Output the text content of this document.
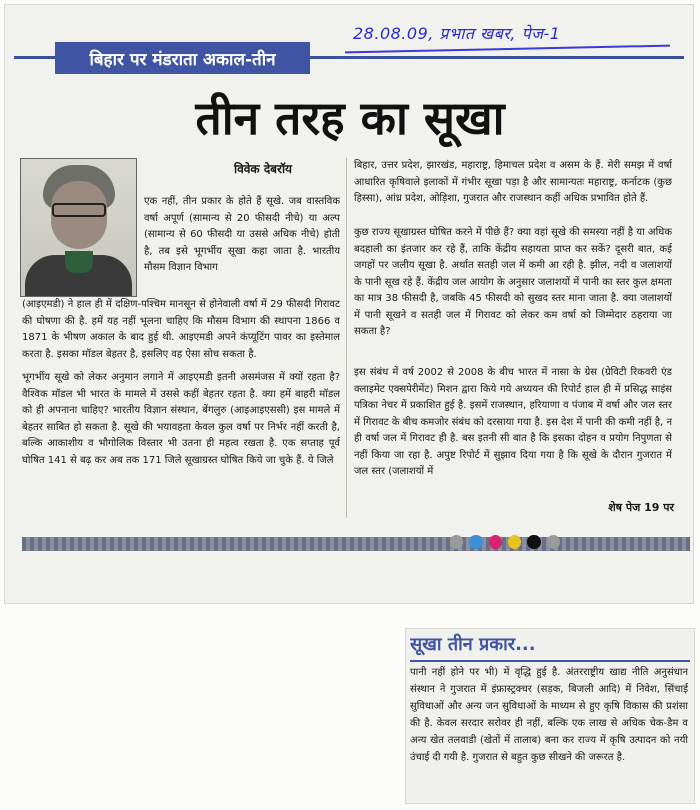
28.08.09, प्रभात खबर, पेज-1
बिहार पर मंडराता अकाल-तीन
तीन तरह का सूखा
विवेक देबरॉय

एक नहीं, तीन प्रकार के होते हैं सूखे. जब वास्तविक वर्षा अपूर्ण (सामान्य से 20 फीसदी नीचे) या अल्प (सामान्य से 60 फीसदी या उससे अधिक नीचे) होती है, तब इसे भूगर्भीय सूखा कहा जाता है. भारतीय मौसम विज्ञान विभाग

(आइएमडी) ने हाल ही में दक्षिण-पश्चिम मानसून से होनेवाली वर्षा में 29 फीसदी गिरावट की घोषणा की है. हमें यह नहीं भूलना चाहिए कि मौसम विभाग की स्थापना 1866 व 1871 के भीषण अकाल के बाद हुई थी. आइएमडी अपने कंप्यूटिंग पावर का इस्तेमाल करता है. इसका मॉडल बेहतर है, इसलिए वह ऐसा सोच सकता है.

भूगर्भीय सूखे को लेकर अनुमान लगाने में आइएमडी इतनी असमंजस में क्यों रहता है? वैश्विक मॉडल भी भारत के मामले में उससे कहीं बेहतर रहता है. क्या हमें बाहरी मॉडल को ही अपनाना चाहिए? भारतीय विज्ञान संस्थान, बेंगलुरु (आइआइएससी) इस मामले में बेहतर साबित हो सकता है. सूखे की भयावहता केवल कुल वर्षा पर निर्भर नहीं करती है, बल्कि आकाशीय व भौगोलिक विस्तार भी उतना ही महत्व रखता है. एक सप्ताह पूर्व घोषित 141 से बढ़ कर अब तक 171 जिले सूखाग्रस्त घोषित किये जा चुके हैं. ये जिले

बिहार, उत्तर प्रदेश, झारखंड, महाराष्ट्र, हिमाचल प्रदेश व असम के हैं. मेरी समझ में वर्षा आधारित कृषिवाले इलाकों में गंभीर सूखा पड़ा है और सामान्यतः महाराष्ट्र, कर्नाटक (कुछ हिस्सा), आंध्र प्रदेश, ओड़िशा, गुजरात और राजस्थान कहीं अधिक प्रभावित होते हैं.

कुछ राज्य सूखाग्रस्त घोषित करने में पीछे हैं? क्या वहां सूखे की समस्या नहीं है या अधिक बदहाली का इंतजार कर रहे हैं, ताकि केंद्रीय सहायता प्राप्त कर सकें? दूसरी बात, कई जगहों पर जलीय सूखा है. अर्थात सतही जल में कमी आ रही है. झील, नदी व जलाशयों के पानी सूख रहे हैं. केंद्रीय जल आयोग के अनुसार जलाशयों में पानी का स्तर कुल क्षमता का मात्र 38 फीसदी है, जबकि 45 फीसदी को सुखद स्तर माना जाता है. क्या जलाशयों में पानी सूखने व सतही जल में गिरावट को लेकर कम वर्षा को जिम्मेदार ठहराया जा सकता है?

इस संबंध में वर्ष 2002 से 2008 के बीच भारत में नासा के ग्रेस (ग्रेविटी रिकवरी एंड क्लाइमेट एक्सपेरीमेंट) मिशन द्वारा किये गये अध्ययन की रिपोर्ट हाल ही में प्रसिद्ध साइंस पत्रिका नेचर में प्रकाशित हुई है. इसमें राजस्थान, हरियाणा व पंजाब में वर्षा और जल स्तर में गिरावट के बीच कमजोर संबंध को दरसाया गया है. इस देश में पानी की कमी नहीं है, न ही वर्षा जल में गिरावट ही है. बस इतनी सी बात है कि इसका दोहन व प्रयोग निपुणता से नहीं किया जा रहा है. अपुष्ट रिपोर्ट में सुझाव दिया गया है कि सूखे के दौरान गुजरात में जल स्तर (जलाशयों में

शेष पेज 19 पर
सूखा तीन प्रकार...

पानी नहीं होने पर भी) में वृद्धि हुई है. अंतरराष्ट्रीय खाद्य नीति अनुसंधान संस्थान ने गुजरात में इंफ्रास्ट्रक्चर (सड़क, बिजली आदि) में निवेश, सिंचाई सुविधाओं और अन्य जन सुविधाओं के माध्यम से हुए कृषि विकास की प्रशंसा की है. केवल सरदार सरोवर ही नहीं, बल्कि एक लाख से अधिक चेक-डैम व अन्य खेत तलवाडी (खेतों में तालाब) बना कर राज्य में कृषि उत्पादन को नयी उंचाई दी गयी है. गुजरात से बहुत कुछ सीखने की जरूरत है.
